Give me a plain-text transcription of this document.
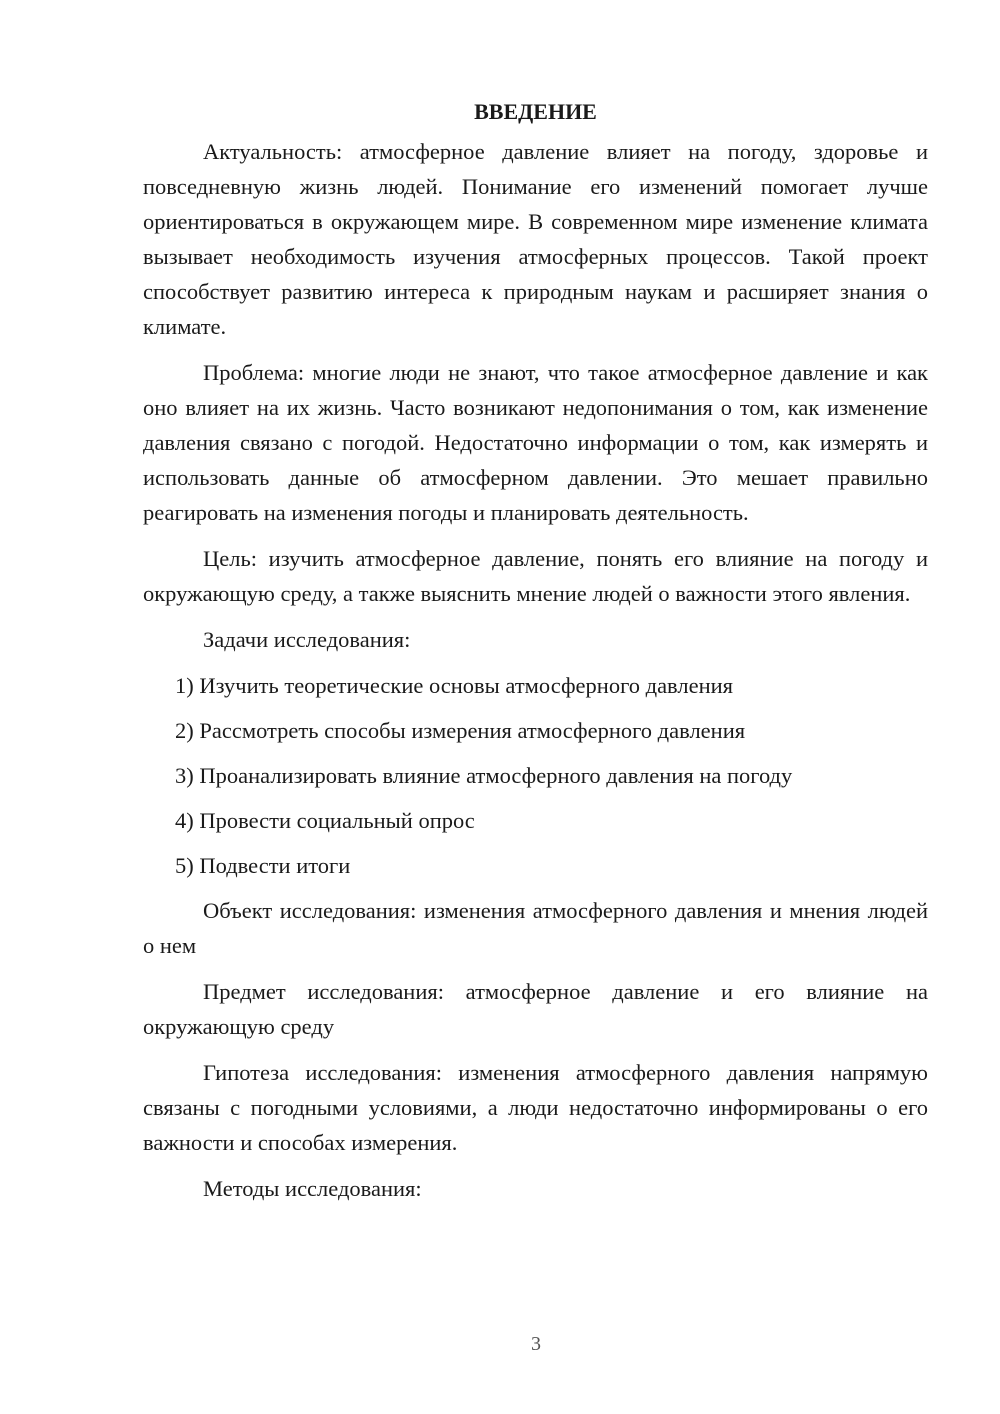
ВВЕДЕНИЕ

Актуальность: атмосферное давление влияет на погоду, здоровье и повседневную жизнь людей. Понимание его изменений помогает лучше ориентироваться в окружающем мире. В современном мире изменение климата вызывает необходимость изучения атмосферных процессов. Такой проект способствует развитию интереса к природным наукам и расширяет знания о климате.

Проблема: многие люди не знают, что такое атмосферное давление и как оно влияет на их жизнь. Часто возникают недопонимания о том, как изменение давления связано с погодой. Недостаточно информации о том, как измерять и использовать данные об атмосферном давлении. Это мешает правильно реагировать на изменения погоды и планировать деятельность.

Цель: изучить атмосферное давление, понять его влияние на погоду и окружающую среду, а также выяснить мнение людей о важности этого явления.

Задачи исследования:

1) Изучить теоретические основы атмосферного давления
2) Рассмотреть способы измерения атмосферного давления
3) Проанализировать влияние атмосферного давления на погоду
4) Провести социальный опрос
5) Подвести итоги

Объект исследования: изменения атмосферного давления и мнения людей о нем

Предмет исследования: атмосферное давление и его влияние на окружающую среду

Гипотеза исследования: изменения атмосферного давления напрямую связаны с погодными условиями, а люди недостаточно информированы о его важности и способах измерения.

Методы исследования:

3
